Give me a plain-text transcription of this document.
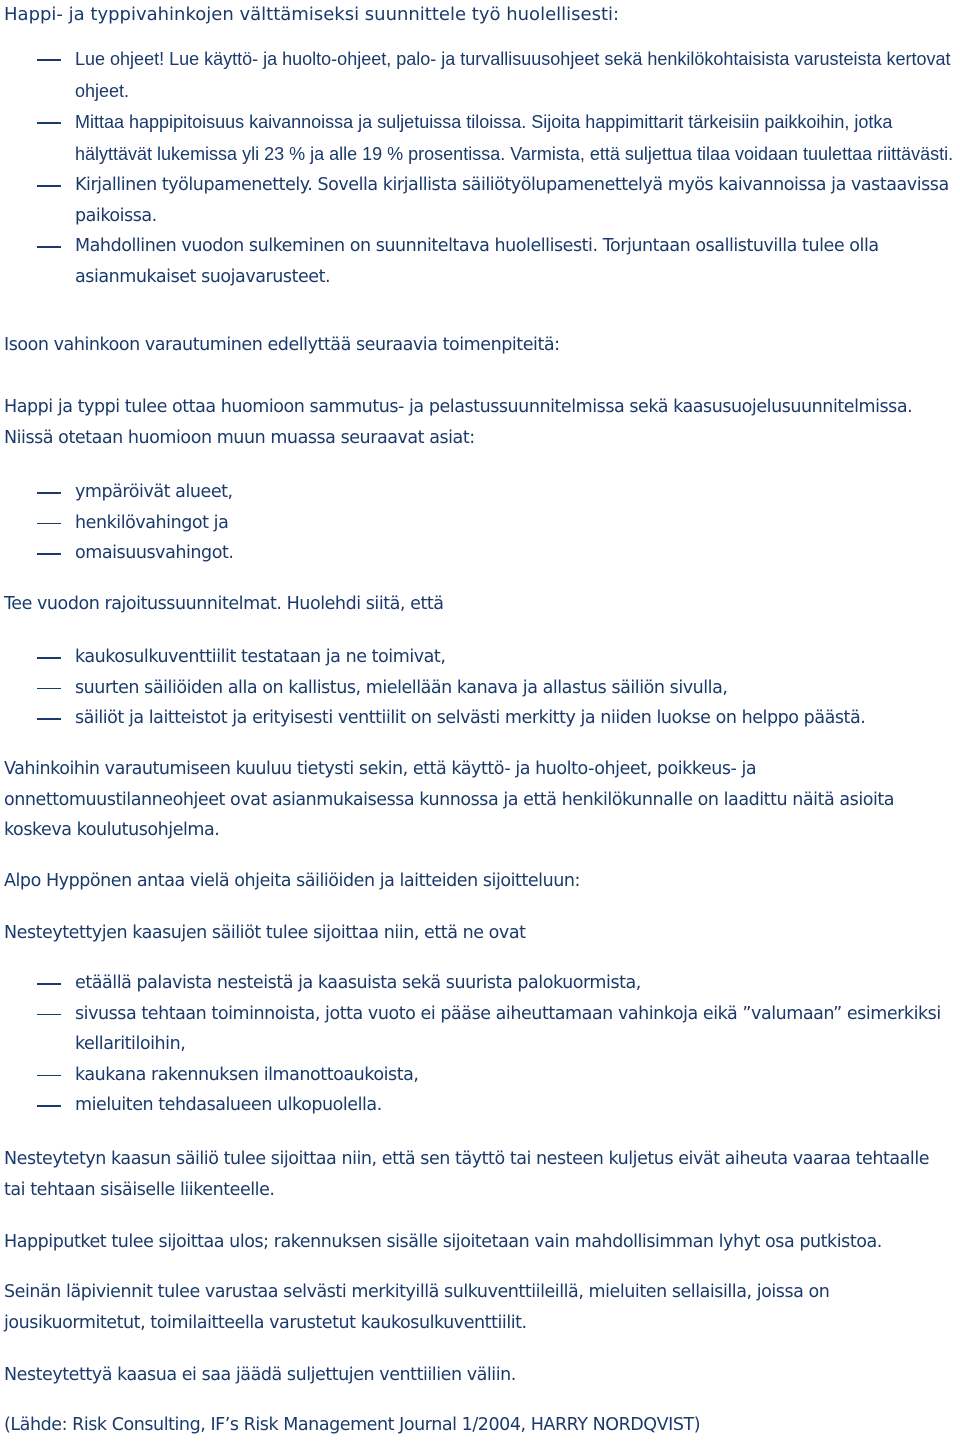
Happi- ja typpivahinkojen välttämiseksi suunnittele työ huolellisesti:
Lue ohjeet! Lue käyttö- ja huolto-ohjeet, palo- ja turvallisuusohjeet sekä henkilökohtaisista varusteista kertovat ohjeet.
Mittaa happipitoisuus kaivannoissa ja suljetuissa tiloissa. Sijoita happimittarit tärkeisiin paikkoihin, jotka hälyttävät lukemissa yli 23 % ja alle 19 % prosentissa. Varmista, että suljettua tilaa voidaan tuulettaa riittävästi.
Kirjallinen työlupamenettely. Sovella kirjallista säiliötyölupamenettelyä myös kaivannoissa ja vastaavissa paikoissa.
Mahdollinen vuodon sulkeminen on suunniteltava huolellisesti. Torjuntaan osallistuvilla tulee olla asianmukaiset suojavarusteet.

Isoon vahinkoon varautuminen edellyttää seuraavia toimenpiteitä:

Happi ja typpi tulee ottaa huomioon sammutus- ja pelastussuunnitelmissa sekä kaasusuojelusuunnitelmissa. Niissä otetaan huomioon muun muassa seuraavat asiat:

ympäröivät alueet,
henkilövahingot ja
omaisuusvahingot.

Tee vuodon rajoitussuunnitelmat. Huolehdi siitä, että

kaukosulkuventtiilit testataan ja ne toimivat,
suurten säiliöiden alla on kallistus, mielellään kanava ja allastus säiliön sivulla,
säiliöt ja laitteistot ja erityisesti venttiilit on selvästi merkitty ja niiden luokse on helppo päästä.

Vahinkoihin varautumiseen kuuluu tietysti sekin, että käyttö- ja huolto-ohjeet, poikkeus- ja onnettomuustilanneohjeet ovat asianmukaisessa kunnossa ja että henkilökunnalle on laadittu näitä asioita koskeva koulutusohjelma.

Alpo Hyppönen antaa vielä ohjeita säiliöiden ja laitteiden sijoitteluun:

Nesteytettyjen kaasujen säiliöt tulee sijoittaa niin, että ne ovat

etäällä palavista nesteistä ja kaasuista sekä suurista palokuormista,
sivussa tehtaan toiminnoista, jotta vuoto ei pääse aiheuttamaan vahinkoja eikä ”valumaan” esimerkiksi kellaritiloihin,
kaukana rakennuksen ilmanottoaukoista,
mieluiten tehdasalueen ulkopuolella.

Nesteytetyn kaasun säiliö tulee sijoittaa niin, että sen täyttö tai nesteen kuljetus eivät aiheuta vaaraa tehtaalle tai tehtaan sisäiselle liikenteelle.

Happiputket tulee sijoittaa ulos; rakennuksen sisälle sijoitetaan vain mahdollisimman lyhyt osa putkistoa.

Seinän läpiviennit tulee varustaa selvästi merkityillä sulkuventtiileillä, mieluiten sellaisilla, joissa on jousikuormitetut, toimilaitteella varustetut kaukosulkuventtiilit.

Nesteytettyä kaasua ei saa jäädä suljettujen venttiilien väliin.

(Lähde: Risk Consulting, IF’s Risk Management Journal 1/2004, HARRY NORDQVIST)
